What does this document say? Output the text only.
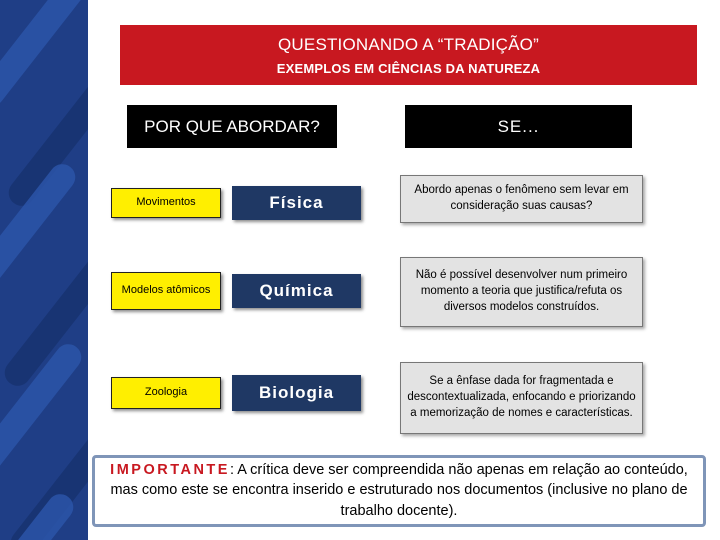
QUESTIONANDO A “TRADIÇÃO”
EXEMPLOS EM CIÊNCIAS DA NATUREZA
POR QUE ABORDAR?	SE...
Movimentos	Física
Abordo apenas o fenômeno sem levar em consideração suas causas?
Modelos atômicos	Química
Não é possível desenvolver num primeiro momento a teoria que justifica/refuta os diversos modelos construídos.
Zoologia	Biologia
Se a ênfase dada for fragmentada e descontextualizada, enfocando e priorizando a memorização de nomes e características.
IMPORTANTE: A crítica deve ser compreendida não apenas em relação ao conteúdo, mas como este se encontra inserido e estruturado nos documentos (inclusive no plano de trabalho docente).
